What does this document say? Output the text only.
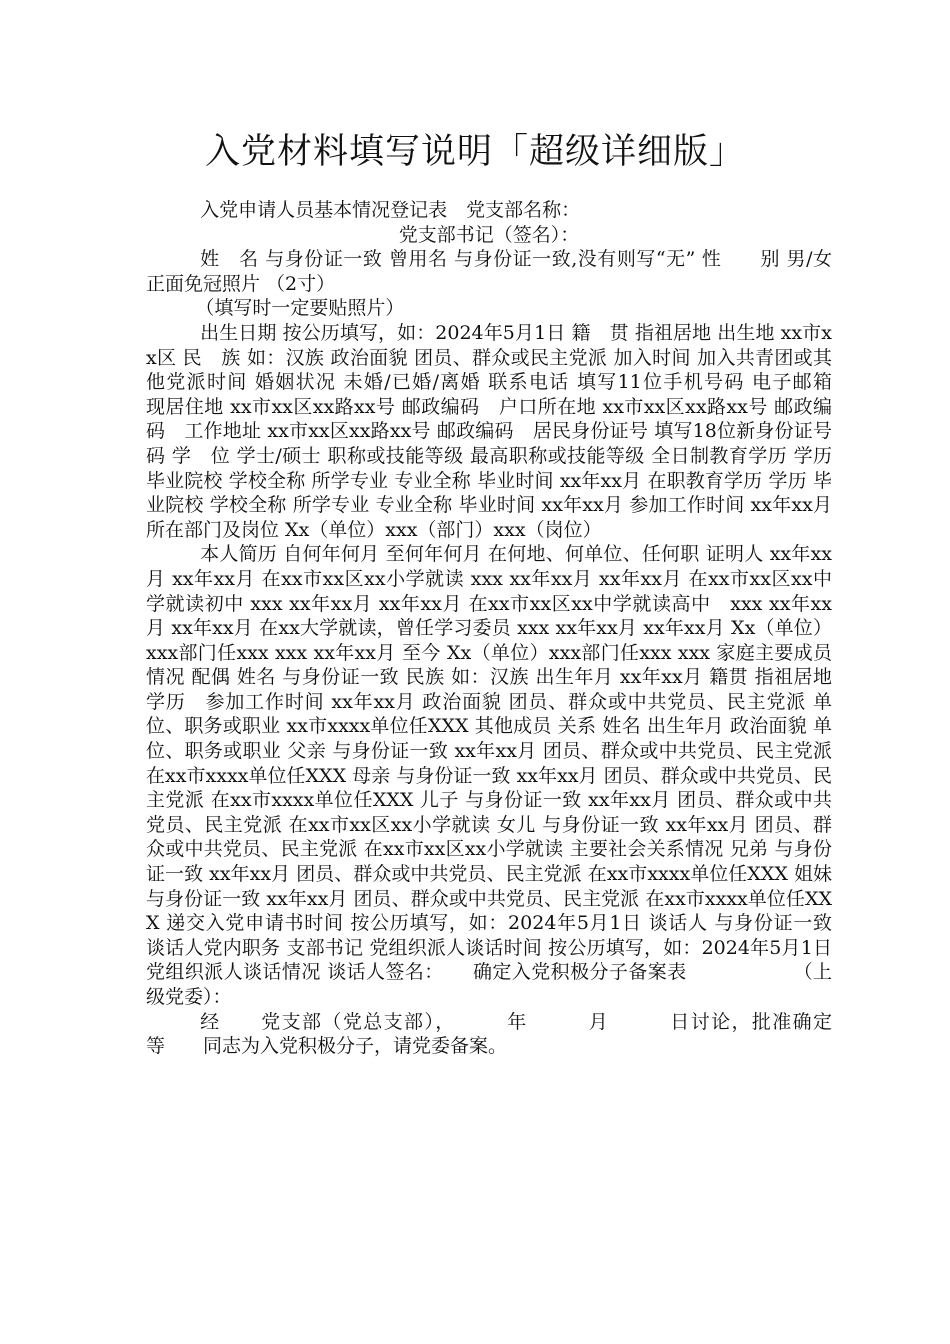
入党材料填写说明「超级详细版」

入党申请人员基本情况登记表　党支部名称：

党支部书记（签名）：

姓　名 与身份证一致 曾用名 与身份证一致,没有则写“无” 性　　别 男/女 正面免冠照片 （2寸）

（填写时一定要贴照片）

出生日期 按公历填写，如：2024年5月1日 籍　贯 指祖居地 出生地 xx市xx区 民　族 如：汉族 政治面貌 团员、群众或民主党派 加入时间 加入共青团或其他党派时间 婚姻状况 未婚/已婚/离婚 联系电话 填写11位手机号码 电子邮箱　　现居住地 xx市xx区xx路xx号 邮政编码　户口所在地 xx市xx区xx路xx号 邮政编码　工作地址 xx市xx区xx路xx号 邮政编码　居民身份证号 填写18位新身份证号码 学　位 学士/硕士 职称或技能等级 最高职称或技能等级 全日制教育学历 学历 毕业院校 学校全称 所学专业 专业全称 毕业时间 xx年xx月 在职教育学历 学历 毕业院校 学校全称 所学专业 专业全称 毕业时间 xx年xx月 参加工作时间 xx年xx月 所在部门及岗位 Xx（单位）xxx（部门）xxx（岗位）

本人简历 自何年何月 至何年何月 在何地、何单位、任何职 证明人 xx年xx月 xx年xx月 在xx市xx区xx小学就读 xxx xx年xx月 xx年xx月 在xx市xx区xx中学就读初中 xxx xx年xx月 xx年xx月 在xx市xx区xx中学就读高中　xxx xx年xx月 xx年xx月 在xx大学就读，曾任学习委员 xxx xx年xx月 xx年xx月 Xx（单位）xxx部门任xxx xxx xx年xx月 至今 Xx（单位）xxx部门任xxx xxx 家庭主要成员情况 配偶 姓名 与身份证一致 民族 如：汉族 出生年月 xx年xx月 籍贯 指祖居地 学历　参加工作时间 xx年xx月 政治面貌 团员、群众或中共党员、民主党派 单位、职务或职业 xx市xxxx单位任XXX 其他成员 关系 姓名 出生年月 政治面貌 单位、职务或职业 父亲 与身份证一致 xx年xx月 团员、群众或中共党员、民主党派 在xx市xxxx单位任XXX 母亲 与身份证一致 xx年xx月 团员、群众或中共党员、民主党派 在xx市xxxx单位任XXX 儿子 与身份证一致 xx年xx月 团员、群众或中共党员、民主党派 在xx市xx区xx小学就读 女儿 与身份证一致 xx年xx月 团员、群众或中共党员、民主党派 在xx市xx区xx小学就读 主要社会关系情况 兄弟 与身份证一致 xx年xx月 团员、群众或中共党员、民主党派 在xx市xxxx单位任XXX 姐妹 与身份证一致 xx年xx月 团员、群众或中共党员、民主党派 在xx市xxxx单位任XXX 递交入党申请书时间 按公历填写，如：2024年5月1日 谈话人 与身份证一致 谈话人党内职务 支部书记 党组织派人谈话时间 按公历填写，如：2024年5月1日 党组织派人谈话情况 谈话人签名：　　确定入党积极分子备案表　　　　　　（上级党委）：

经　　党支部（党总支部），　　　年　　　月　　　日讨论，批准确定　　等　　同志为入党积极分子，请党委备案。
